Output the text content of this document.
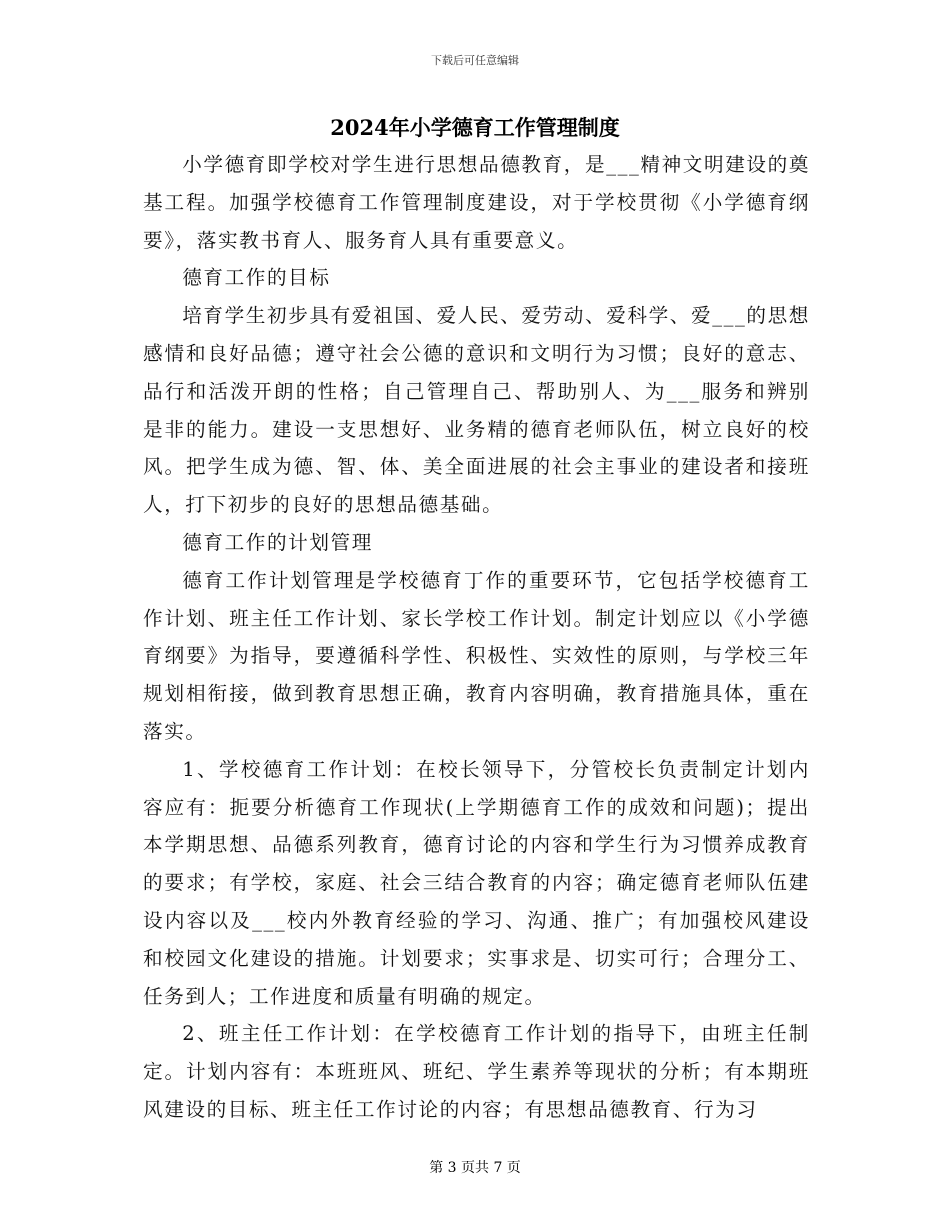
下载后可任意编辑
2024年小学德育工作管理制度

小学德育即学校对学生进行思想品德教育，是___精神文明建设的奠基工程。加强学校德育工作管理制度建设，对于学校贯彻《小学德育纲要》，落实教书育人、服务育人具有重要意义。

德育工作的目标

培育学生初步具有爱祖国、爱人民、爱劳动、爱科学、爱___的思想感情和良好品德；遵守社会公德的意识和文明行为习惯；良好的意志、品行和活泼开朗的性格；自己管理自己、帮助别人、为___服务和辨别是非的能力。建设一支思想好、业务精的德育老师队伍，树立良好的校风。把学生成为德、智、体、美全面进展的社会主事业的建设者和接班人，打下初步的良好的思想品德基础。

德育工作的计划管理

德育工作计划管理是学校德育丁作的重要环节，它包括学校德育工作计划、班主任工作计划、家长学校工作计划。制定计划应以《小学德育纲要》为指导，要遵循科学性、积极性、实效性的原则，与学校三年规划相衔接，做到教育思想正确，教育内容明确，教育措施具体，重在落实。

1、学校德育工作计划：在校长领导下，分管校长负责制定计划内容应有：扼要分析德育工作现状(上学期德育工作的成效和问题)；提出本学期思想、品德系列教育，德育讨论的内容和学生行为习惯养成教育的要求；有学校，家庭、社会三结合教育的内容；确定德育老师队伍建设内容以及___校内外教育经验的学习、沟通、推广；有加强校风建设和校园文化建设的措施。计划要求；实事求是、切实可行；合理分工、任务到人；工作进度和质量有明确的规定。

2、班主任工作计划：在学校德育工作计划的指导下，由班主任制定。计划内容有：本班班风、班纪、学生素养等现状的分析；有本期班风建设的目标、班主任工作讨论的内容；有思想品德教育、行为习

第 3 页共 7 页
